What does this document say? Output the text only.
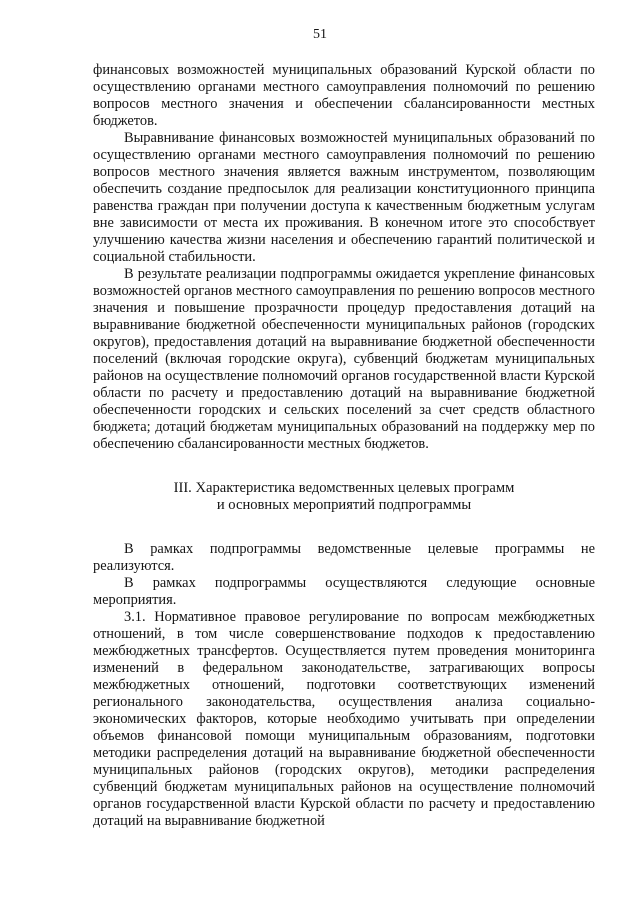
51

финансовых возможностей муниципальных образований Курской области по осуществлению органами местного самоуправления полномочий по решению вопросов местного значения и обеспечении сбалансированности местных бюджетов.

Выравнивание финансовых возможностей муниципальных образований по осуществлению органами местного самоуправления полномочий по решению вопросов местного значения является важным инструментом, позволяющим обеспечить создание предпосылок для реализации конституционного принципа равенства граждан при получении доступа к качественным бюджетным услугам вне зависимости от места их проживания. В конечном итоге это способствует улучшению качества жизни населения и обеспечению гарантий политической и социальной стабильности.

В результате реализации подпрограммы ожидается укрепление финансовых возможностей органов местного самоуправления по решению вопросов местного значения и повышение прозрачности процедур предоставления дотаций на выравнивание бюджетной обеспеченности муниципальных районов (городских округов), предоставления дотаций на выравнивание бюджетной обеспеченности поселений (включая городские округа), субвенций бюджетам муниципальных районов на осуществление полномочий органов государственной власти Курской области по расчету и предоставлению дотаций на выравнивание бюджетной обеспеченности городских и сельских поселений за счет средств областного бюджета; дотаций бюджетам муниципальных образований на поддержку мер по обеспечению сбалансированности местных бюджетов.

III. Характеристика ведомственных целевых программ
и основных мероприятий подпрограммы

В рамках подпрограммы ведомственные целевые программы не реализуются.

В рамках подпрограммы осуществляются следующие основные мероприятия.

3.1. Нормативное правовое регулирование по вопросам межбюджетных отношений, в том числе совершенствование подходов к предоставлению межбюджетных трансфертов. Осуществляется путем проведения мониторинга изменений в федеральном законодательстве, затрагивающих вопросы межбюджетных отношений, подготовки соответствующих изменений регионального законодательства, осуществления анализа социально-экономических факторов, которые необходимо учитывать при определении объемов финансовой помощи муниципальным образованиям, подготовки методики распределения дотаций на выравнивание бюджетной обеспеченности муниципальных районов (городских округов), методики распределения субвенций бюджетам муниципальных районов на осуществление полномочий органов государственной власти Курской области по расчету и предоставлению дотаций на выравнивание бюджетной
